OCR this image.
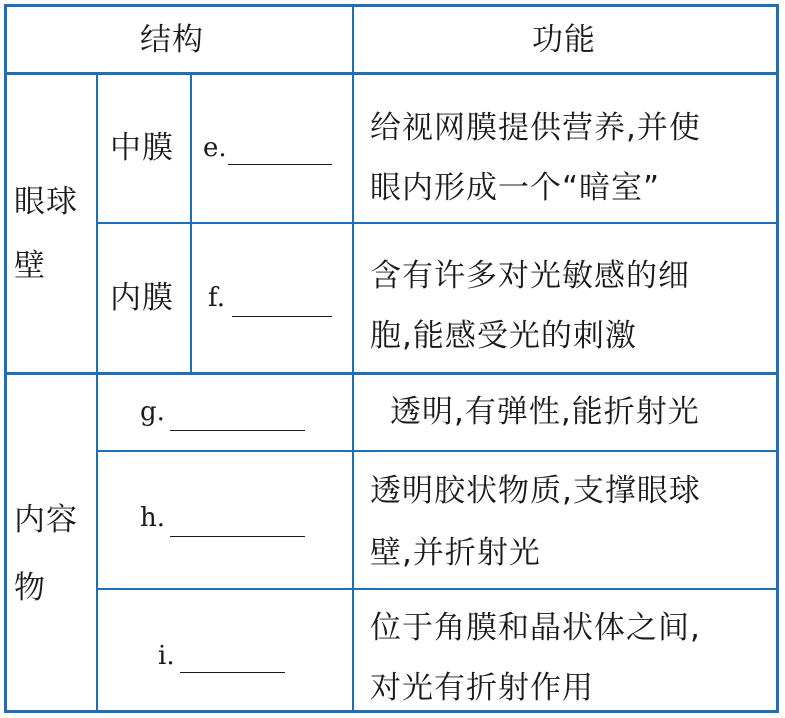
结构	功能
眼球
壁
中膜 e.
给视网膜提供营养,并使
眼内形成一个“暗室”
内膜 f.
含有许多对光敏感的细
胞,能感受光的刺激
内容
物
g.	透明,有弹性,能折射光
h.
透明胶状物质,支撑眼球
壁,并折射光
i.
位于角膜和晶状体之间,
对光有折射作用
